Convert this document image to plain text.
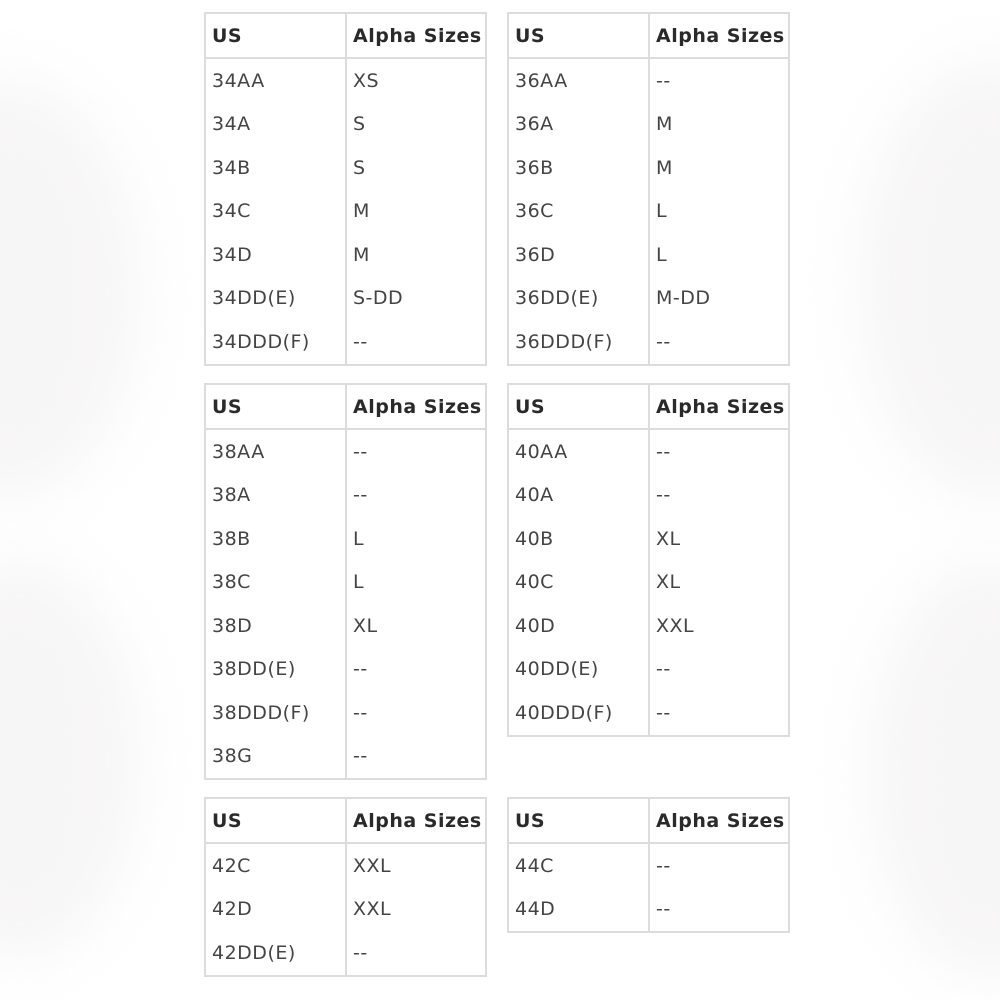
US	Alpha Sizes
34AA	XS
34A	S
34B	S
34C	M
34D	M
34DD(E)	S-DD
34DDD(F)	--
US	Alpha Sizes
36AA	--
36A	M
36B	M
36C	L
36D	L
36DD(E)	M-DD
36DDD(F)	--
US	Alpha Sizes
38AA	--
38A	--
38B	L
38C	L
38D	XL
38DD(E)	--
38DDD(F)	--
38G	--
US	Alpha Sizes
40AA	--
40A	--
40B	XL
40C	XL
40D	XXL
40DD(E)	--
40DDD(F)	--
US	Alpha Sizes
42C	XXL
42D	XXL
42DD(E)	--
US	Alpha Sizes
44C	--
44D	--
